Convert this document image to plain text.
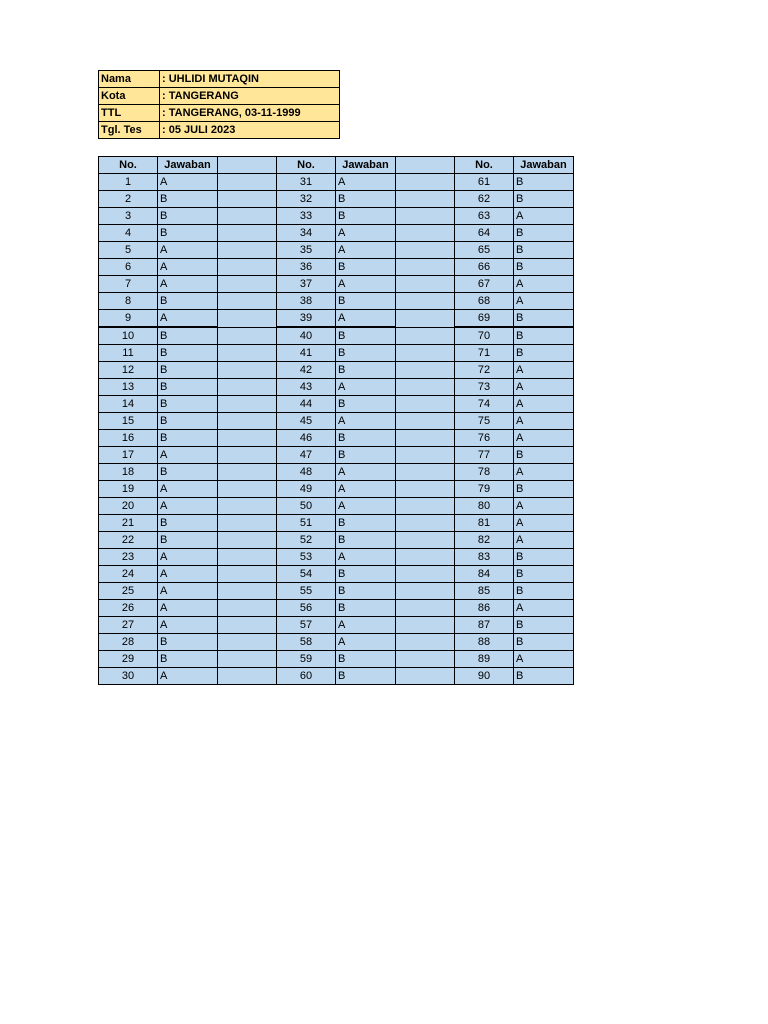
Nama	: UHLIDI MUTAQIN
Kota	: TANGERANG
TTL	: TANGERANG, 03-11-1999
Tgl. Tes	: 05 JULI 2023
No.	Jawaban		No.	Jawaban		No.	Jawaban
1	A		31	A		61	B
2	B		32	B		62	B
3	B		33	B		63	A
4	B		34	A		64	B
5	A		35	A		65	B
6	A		36	B		66	B
7	A		37	A		67	A
8	B		38	B		68	A
9	A		39	A		69	B
10	B		40	B		70	B
11	B		41	B		71	B
12	B		42	B		72	A
13	B		43	A		73	A
14	B		44	B		74	A
15	B		45	A		75	A
16	B		46	B		76	A
17	A		47	B		77	B
18	B		48	A		78	A
19	A		49	A		79	B
20	A		50	A		80	A
21	B		51	B		81	A
22	B		52	B		82	A
23	A		53	A		83	B
24	A		54	B		84	B
25	A		55	B		85	B
26	A		56	B		86	A
27	A		57	A		87	B
28	B		58	A		88	B
29	B		59	B		89	A
30	A		60	B		90	B
